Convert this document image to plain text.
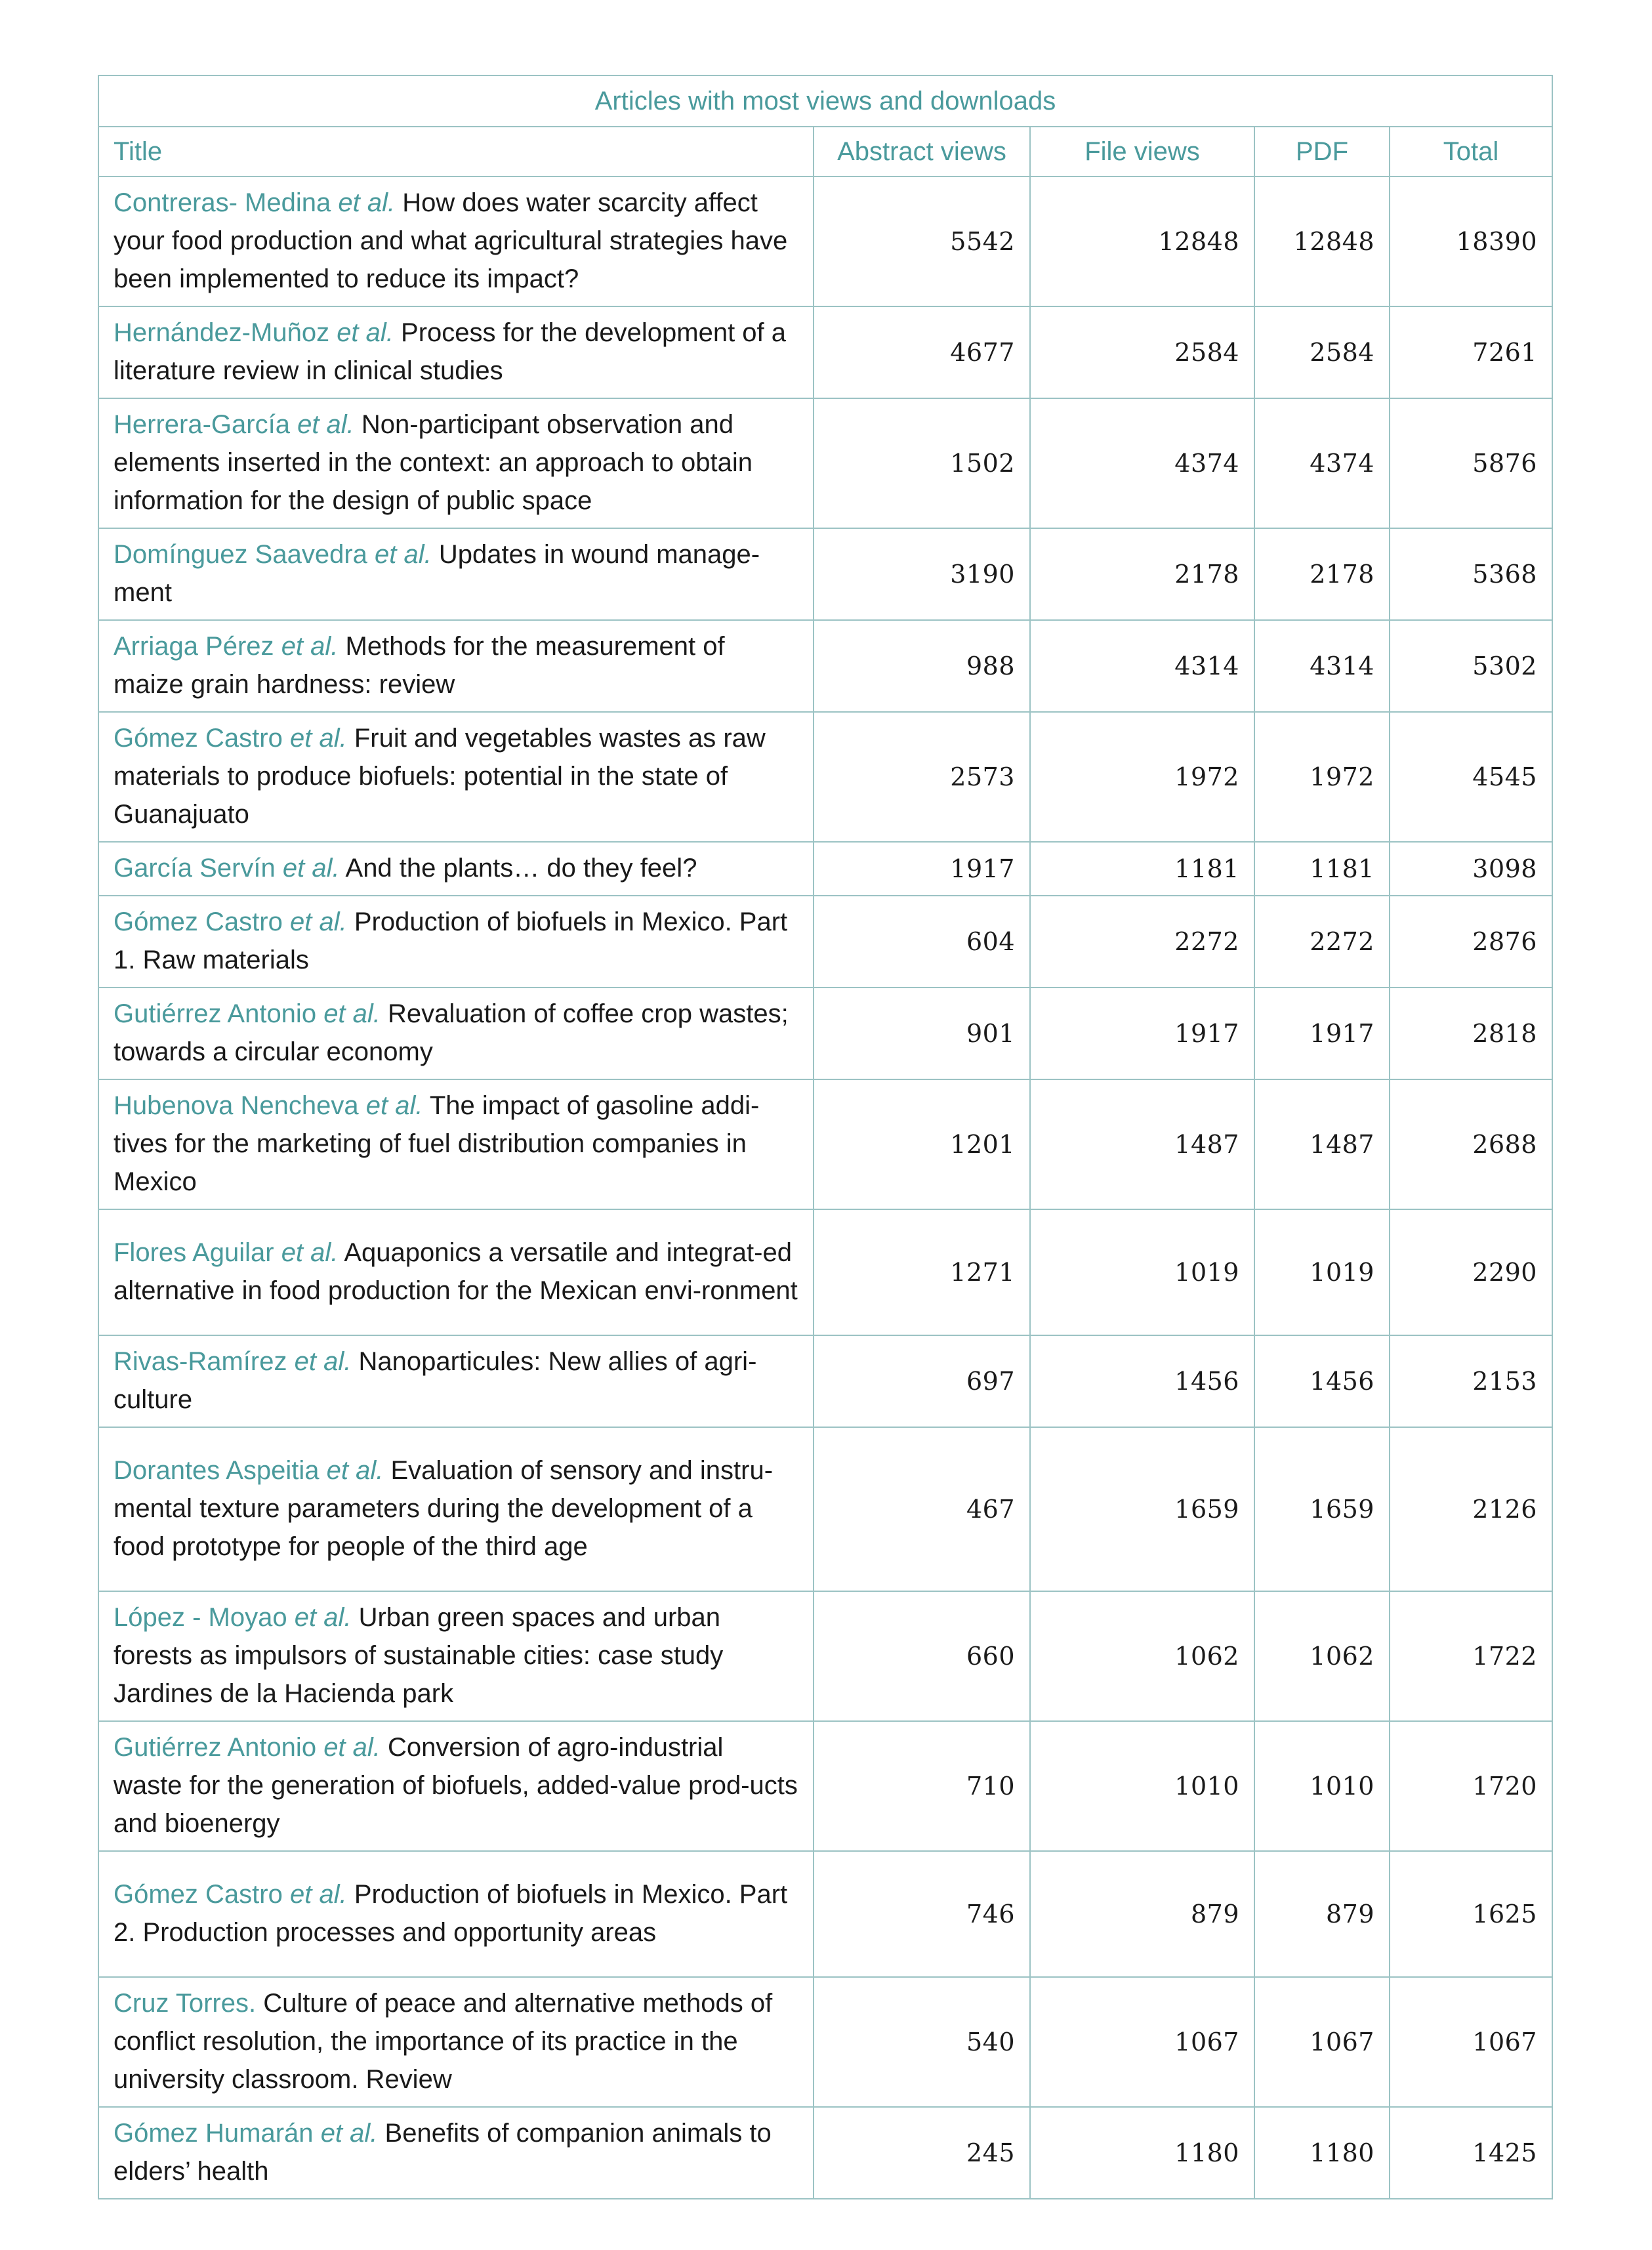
Articles with most views and downloads				
Title	Abstract views	File views	PDF	Total
Contreras- Medina et al. How does water scarcity affect your food production and what agricultural strategies have been implemented to reduce its impact?	5542	12848	12848	18390
Hernández-Muñoz et al. Process for the development of a literature review in clinical studies	4677	2584	2584	7261
Herrera-García et al. Non-participant observation and elements inserted in the context: an approach to obtain information for the design of public space	1502	4374	4374	5876
Domínguez Saavedra et al. Updates in wound manage-ment	3190	2178	2178	5368
Arriaga Pérez et al. Methods for the measurement of maize grain hardness: review	988	4314	4314	5302
Gómez Castro et al. Fruit and vegetables wastes as raw materials to produce biofuels: potential in the state of Guanajuato	2573	1972	1972	4545
García Servín et al. And the plants… do they feel?	1917	1181	1181	3098
Gómez Castro et al. Production of biofuels in Mexico. Part 1. Raw materials	604	2272	2272	2876
Gutiérrez Antonio et al. Revaluation of coffee crop wastes; towards a circular economy	901	1917	1917	2818
Hubenova Nencheva et al. The impact of gasoline addi-tives for the marketing of fuel distribution companies in Mexico	1201	1487	1487	2688
Flores Aguilar et al. Aquaponics a versatile and integrat-ed alternative in food production for the Mexican envi-ronment	1271	1019	1019	2290
Rivas-Ramírez et al. Nanoparticules: New allies of agri-culture	697	1456	1456	2153
Dorantes Aspeitia et al. Evaluation of sensory and instru-mental texture parameters during the development of a food prototype for people of the third age	467	1659	1659	2126
López - Moyao et al. Urban green spaces and urban forests as impulsors of sustainable cities: case study Jardines de la Hacienda park	660	1062	1062	1722
Gutiérrez Antonio et al. Conversion of agro-industrial waste for the generation of biofuels, added-value prod-ucts and bioenergy	710	1010	1010	1720
Gómez Castro et al. Production of biofuels in Mexico. Part 2. Production processes and opportunity areas	746	879	879	1625
Cruz Torres. Culture of peace and alternative methods of conflict resolution, the importance of its practice in the university classroom. Review	540	1067	1067	1067
Gómez Humarán et al. Benefits of companion animals to elders’ health	245	1180	1180	1425
